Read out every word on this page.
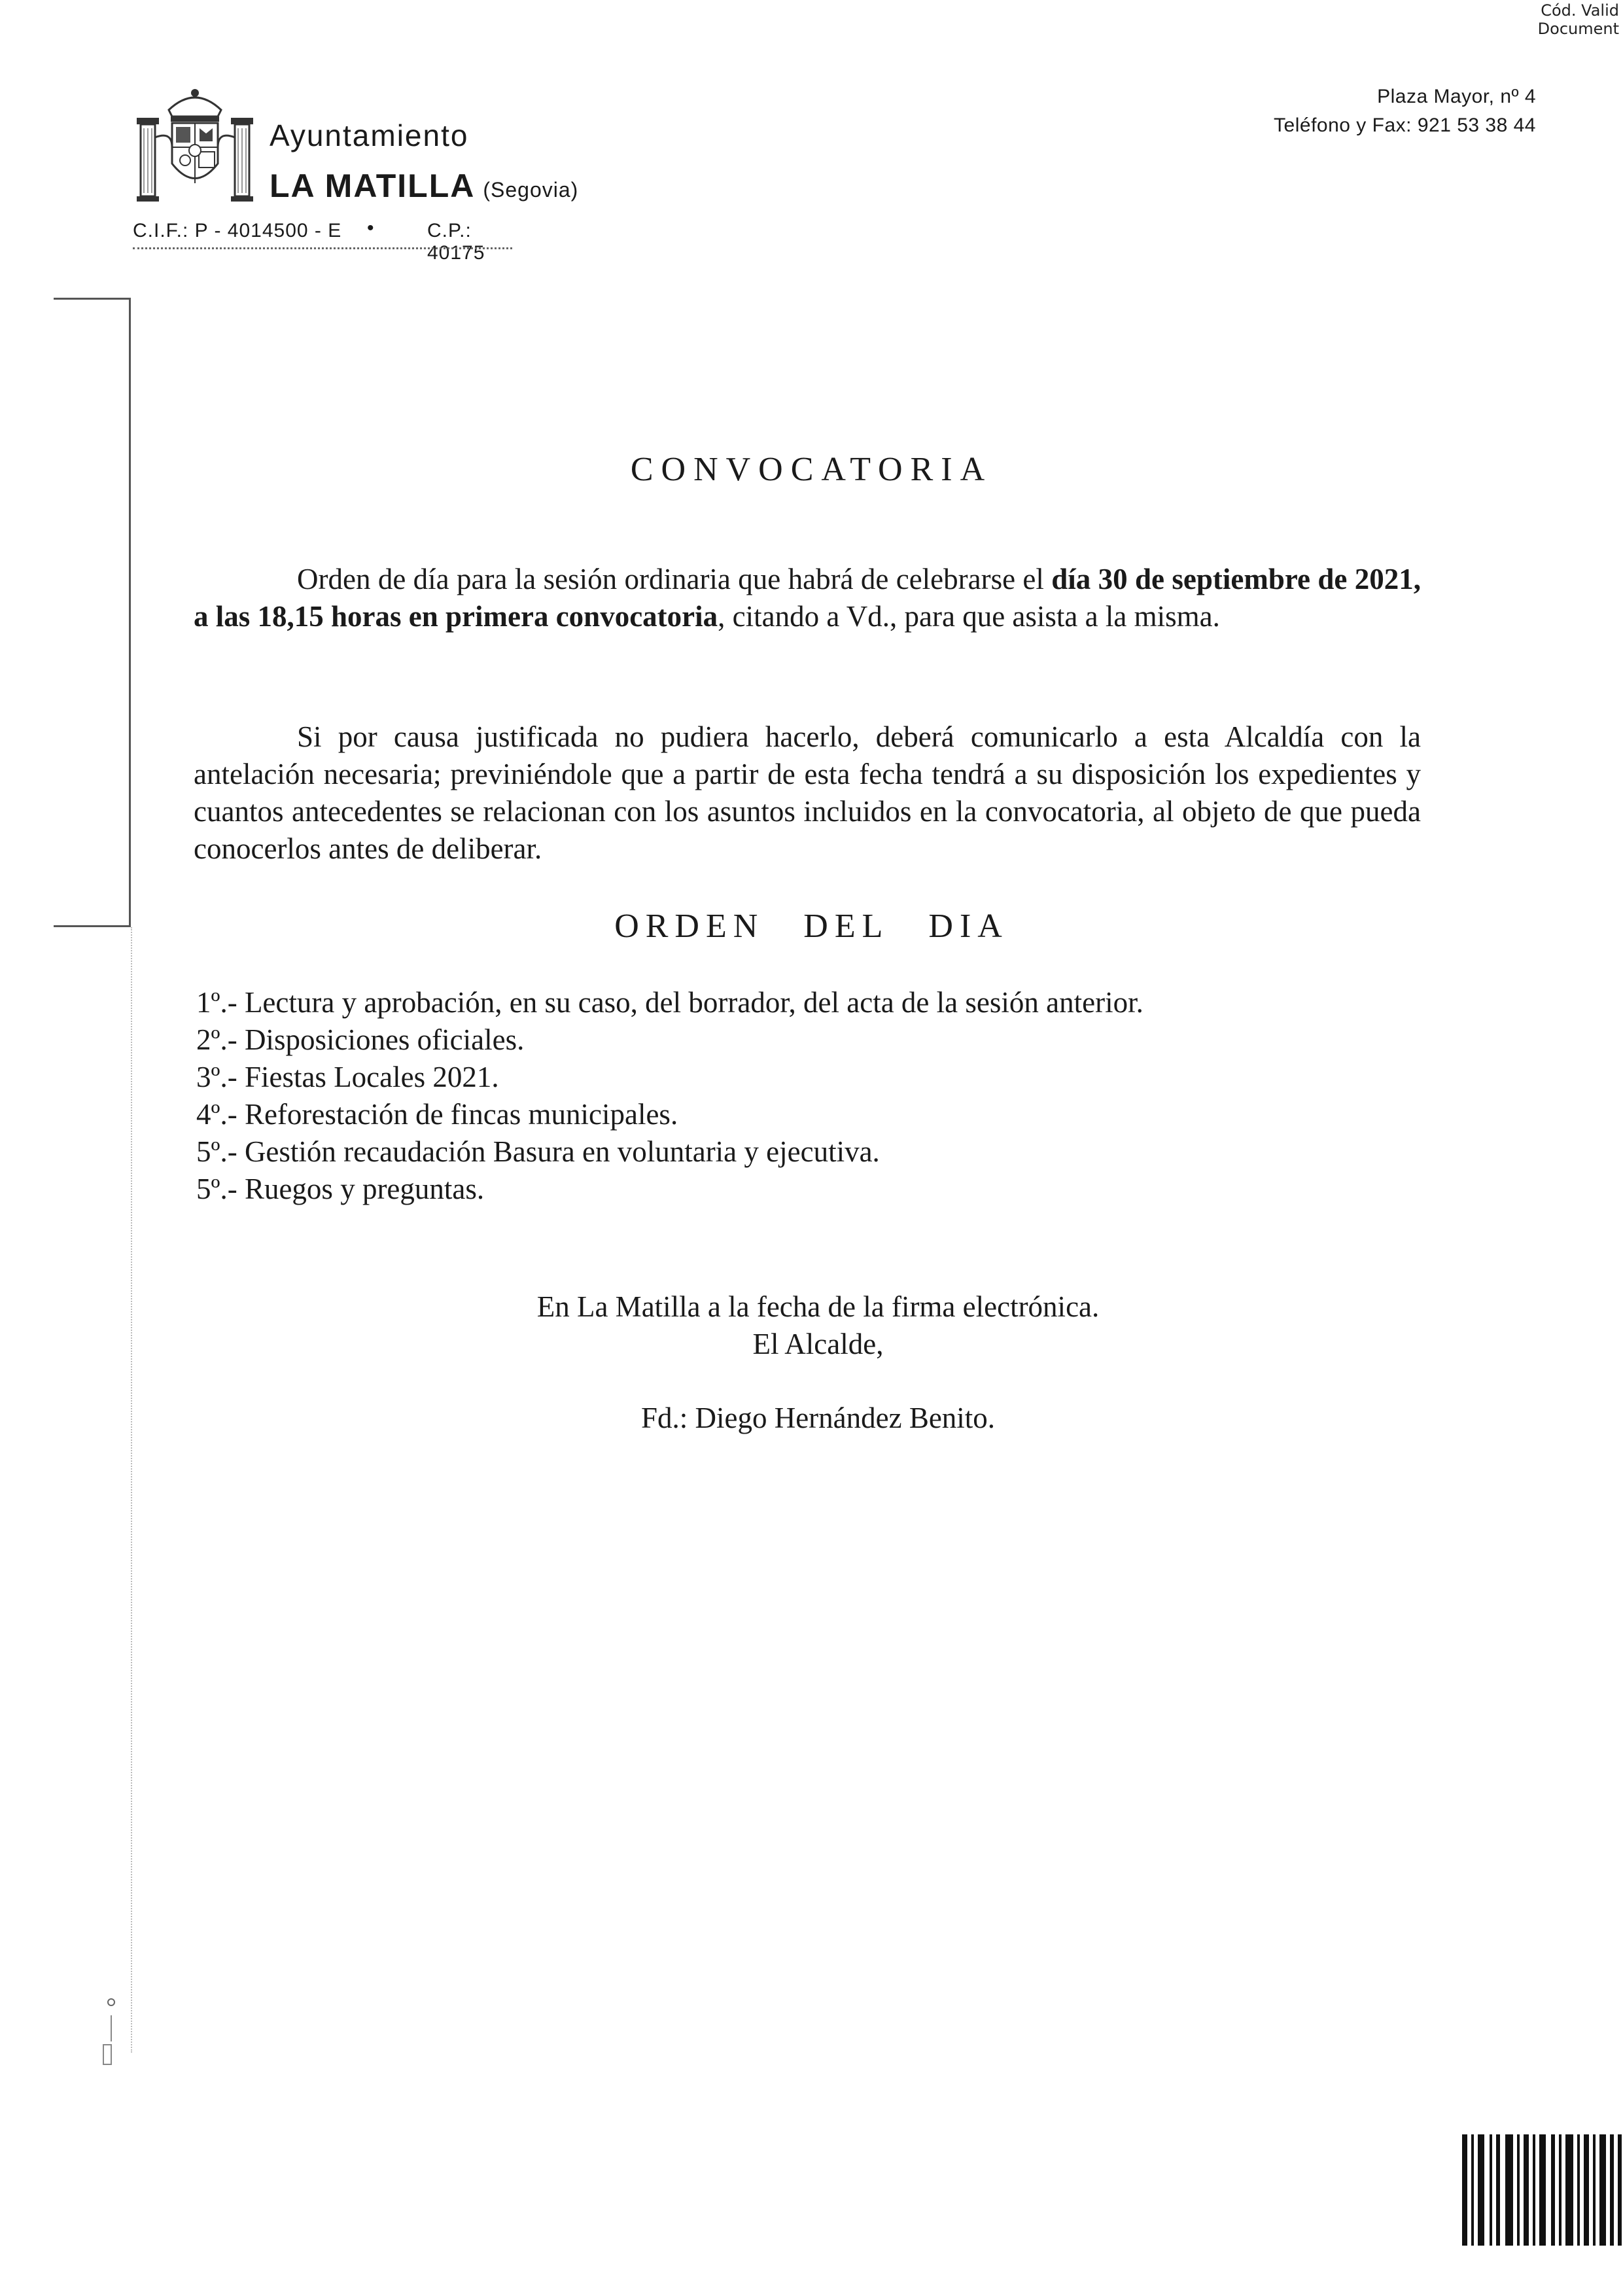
Cód. Valid
Document
Ayuntamiento
LA MATILLA (Segovia)
C.I.F.: P - 4014500 - E •	C.P.: 40175
Plaza Mayor, nº 4
Teléfono y Fax: 921 53 38 44
CONVOCATORIA

Orden de día para la sesión ordinaria que habrá de celebrarse el día 30 de septiembre de 2021, a las 18,15 horas en primera convocatoria, citando a Vd., para que asista a la misma.

Si por causa justificada no pudiera hacerlo, deberá comunicarlo a esta Alcaldía con la antelación necesaria; previniéndole que a partir de esta fecha tendrá a su disposición los expedientes y cuantos antecedentes se relacionan con los asuntos incluidos en la convocatoria, al objeto de que pueda conocerlos antes de deliberar.

ORDEN DEL DIA
1º.- Lectura y aprobación, en su caso, del borrador, del acta de la sesión anterior.
2º.- Disposiciones oficiales.
3º.- Fiestas Locales 2021.
4º.- Reforestación de fincas municipales.
5º.- Gestión recaudación Basura en voluntaria y ejecutiva.
5º.- Ruegos y preguntas.
En La Matilla a la fecha de la firma electrónica.
El Alcalde,
Fd.: Diego Hernández Benito.
